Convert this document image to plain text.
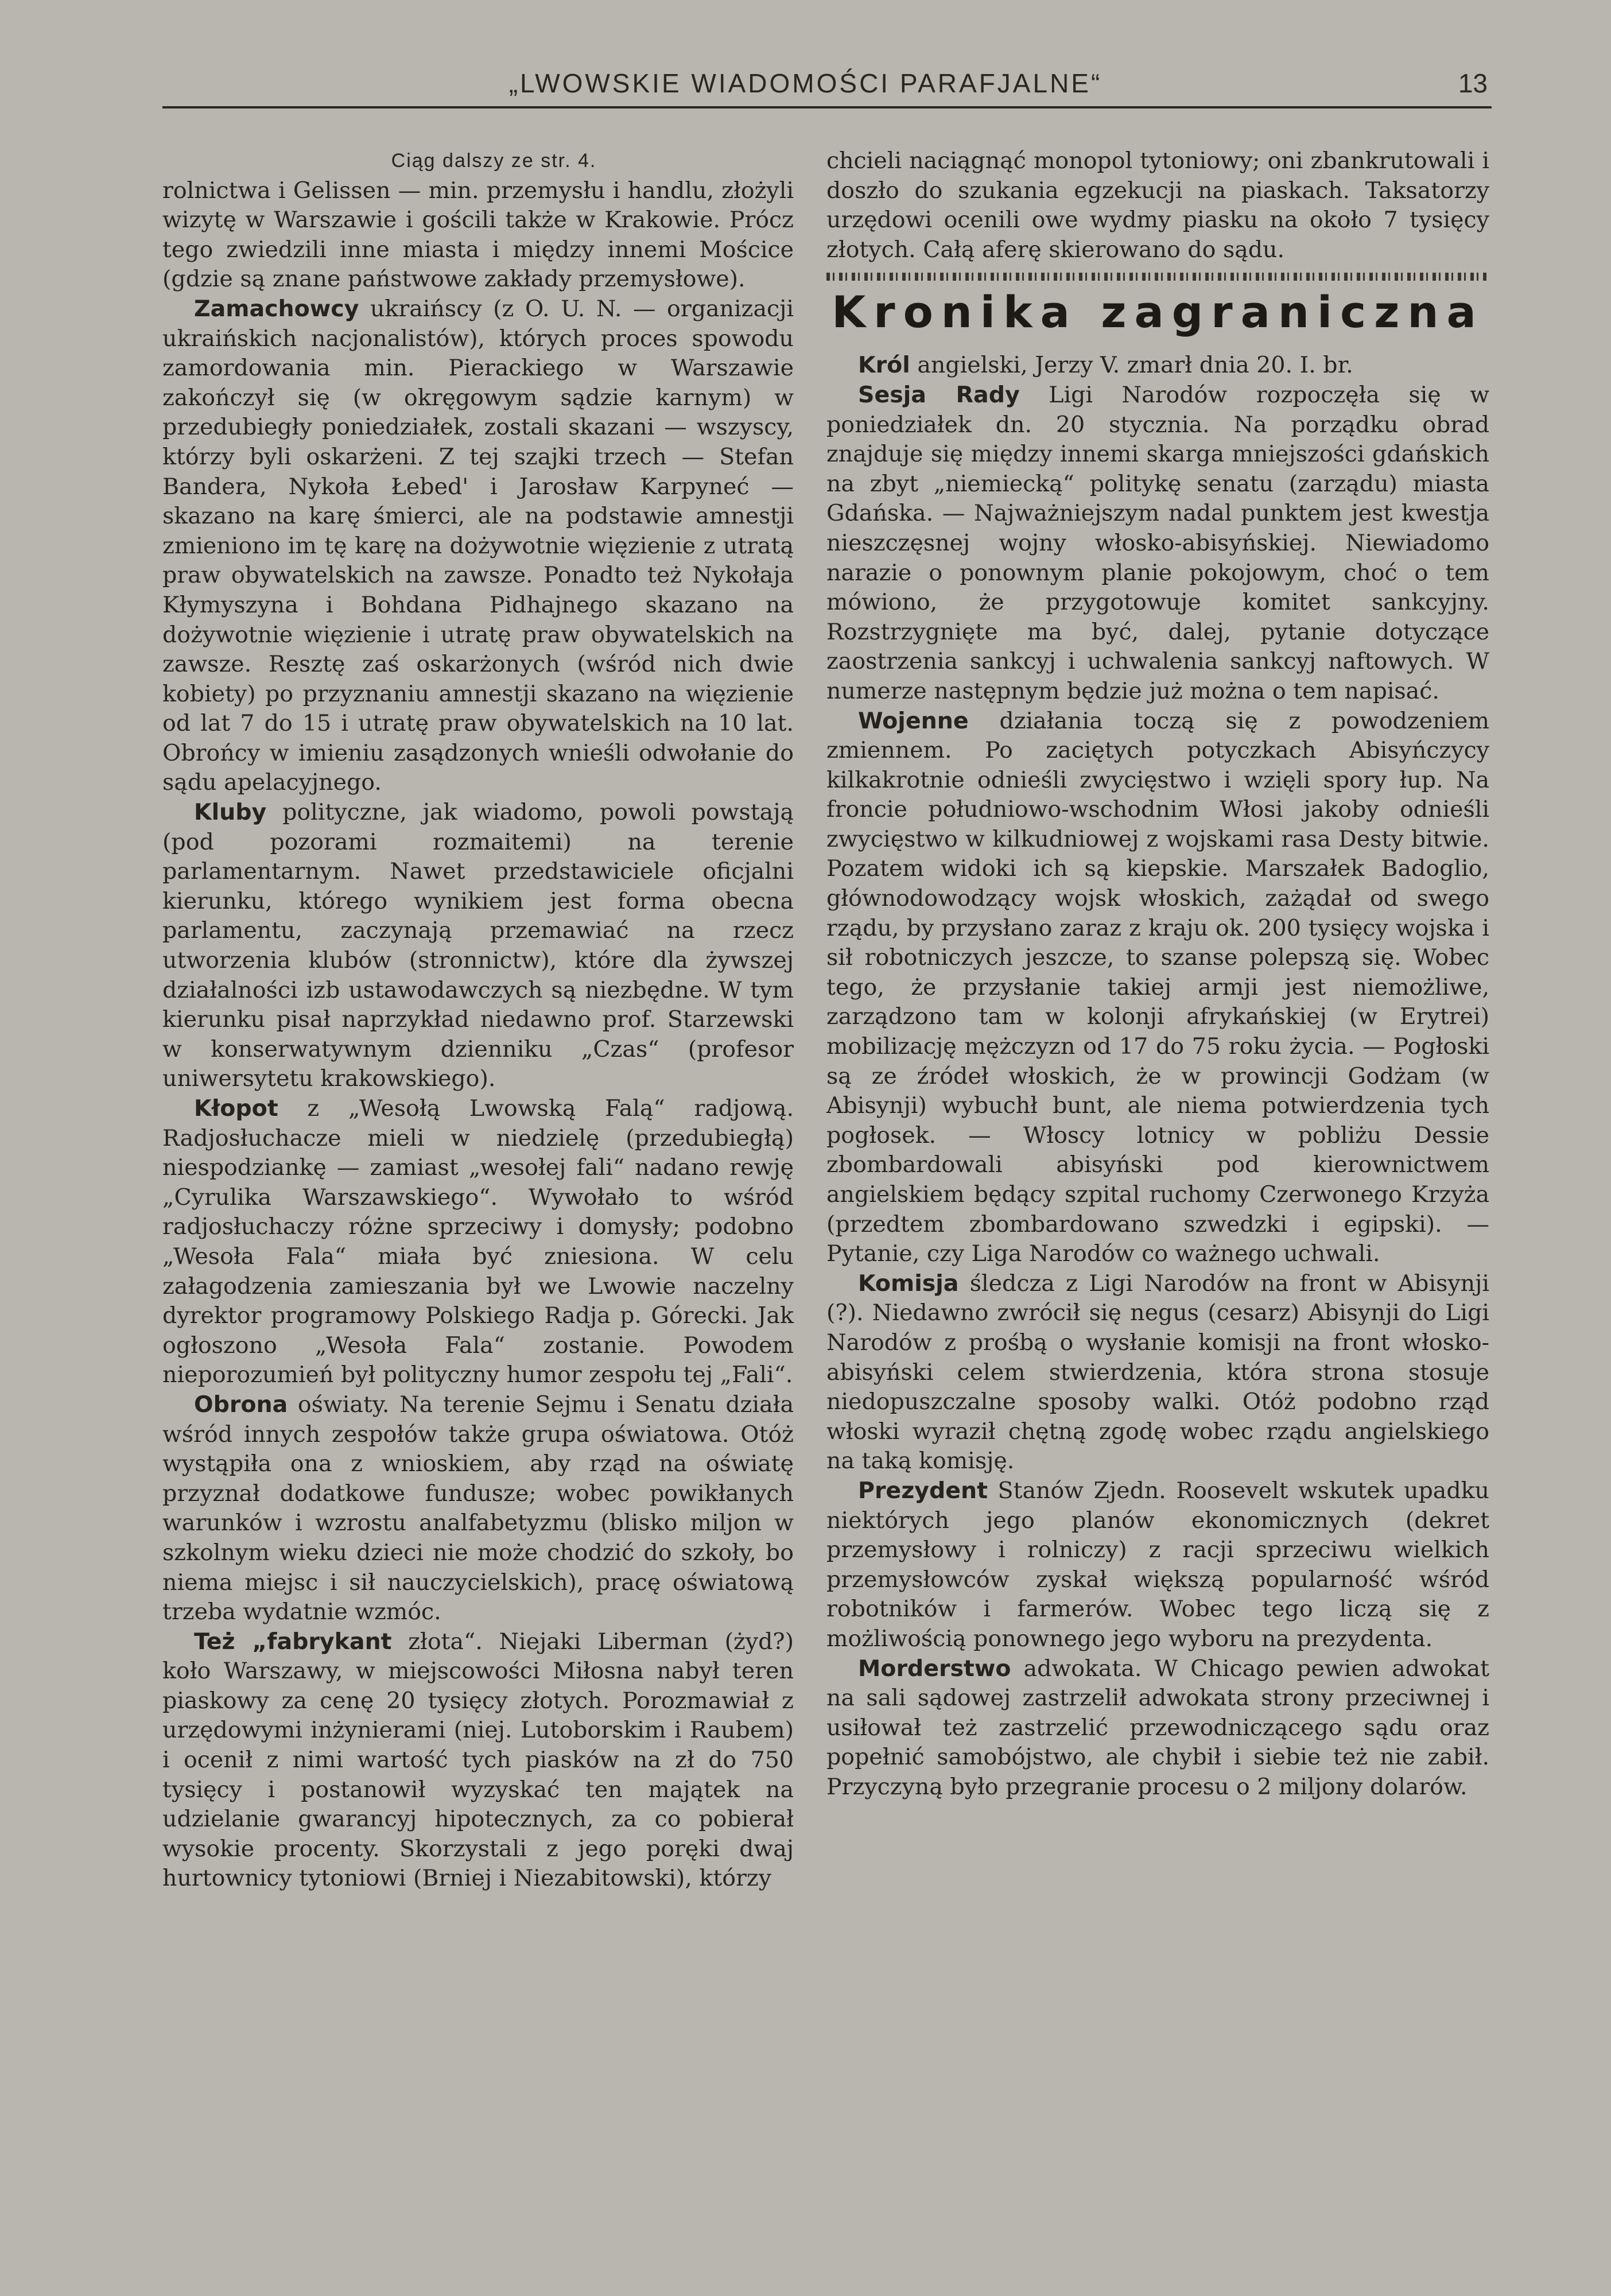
„LWOWSKIE WIADOMOŚCI PARAFJALNE“	13

Ciąg dalszy ze str. 4.

rolnictwa i Gelissen — min. przemysłu i handlu, złożyli wizytę w Warszawie i gościli także w Krakowie. Prócz tego zwiedzili inne miasta i między innemi Mościce (gdzie są znane państwowe zakłady przemysłowe).

Zamachowcy ukraińscy (z O. U. N. — organizacji ukraińskich nacjonalistów), których proces spowodu zamordowania min. Pierackiego w Warszawie zakończył się (w okręgowym sądzie karnym) w przedubiegły poniedziałek, zostali skazani — wszyscy, którzy byli oskarżeni. Z tej szajki trzech — Stefan Bandera, Nykoła Łebed' i Jarosław Karpyneć — skazano na karę śmierci, ale na podstawie amnestji zmieniono im tę karę na dożywotnie więzienie z utratą praw obywatelskich na zawsze. Ponadto też Nykołaja Kłymyszyna i Bohdana Pidhajnego skazano na dożywotnie więzienie i utratę praw obywatelskich na zawsze. Resztę zaś oskarżonych (wśród nich dwie kobiety) po przyznaniu amnestji skazano na więzienie od lat 7 do 15 i utratę praw obywatelskich na 10 lat. Obrońcy w imieniu zasądzonych wnieśli odwołanie do sądu apelacyjnego.

Kluby polityczne, jak wiadomo, powoli powstają (pod pozorami rozmaitemi) na terenie parlamentarnym. Nawet przedstawiciele oficjalni kierunku, którego wynikiem jest forma obecna parlamentu, zaczynają przemawiać na rzecz utworzenia klubów (stronnictw), które dla żywszej działalności izb ustawodawczych są niezbędne. W tym kierunku pisał naprzykład niedawno prof. Starzewski w konserwatywnym dzienniku „Czas“ (profesor uniwersytetu krakowskiego).

Kłopot z „Wesołą Lwowską Falą“ radjową. Radjosłuchacze mieli w niedzielę (przedubiegłą) niespodziankę — zamiast „wesołej fali“ nadano rewję „Cyrulika Warszawskiego“. Wywołało to wśród radjosłuchaczy różne sprzeciwy i domysły; podobno „Wesoła Fala“ miała być zniesiona. W celu załagodzenia zamieszania był we Lwowie naczelny dyrektor programowy Polskiego Radja p. Górecki. Jak ogłoszono „Wesoła Fala“ zostanie. Powodem nieporozumień był polityczny humor zespołu tej „Fali“.

Obrona oświaty. Na terenie Sejmu i Senatu działa wśród innych zespołów także grupa oświatowa. Otóż wystąpiła ona z wnioskiem, aby rząd na oświatę przyznał dodatkowe fundusze; wobec powikłanych warunków i wzrostu analfabetyzmu (blisko miljon w szkolnym wieku dzieci nie może chodzić do szkoły, bo niema miejsc i sił nauczycielskich), pracę oświatową trzeba wydatnie wzmóc.

Też „fabrykant złota“. Niejaki Liberman (żyd?) koło Warszawy, w miejscowości Miłosna nabył teren piaskowy za cenę 20 tysięcy złotych. Porozmawiał z urzędowymi inżynierami (niej. Lutoborskim i Raubem) i ocenił z nimi wartość tych piasków na zł do 750 tysięcy i postanowił wyzyskać ten majątek na udzielanie gwarancyj hipotecznych, za co pobierał wysokie procenty. Skorzystali z jego poręki dwaj hurtownicy tytoniowi (Brniej i Niezabitowski), którzy

chcieli naciągnąć monopol tytoniowy; oni zbankrutowali i doszło do szukania egzekucji na piaskach. Taksatorzy urzędowi ocenili owe wydmy piasku na około 7 tysięcy złotych. Całą aferę skierowano do sądu.

Kronika zagraniczna

Król angielski, Jerzy V. zmarł dnia 20. I. br.

Sesja Rady Ligi Narodów rozpoczęła się w poniedziałek dn. 20 stycznia. Na porządku obrad znajduje się między innemi skarga mniejszości gdańskich na zbyt „niemiecką“ politykę senatu (zarządu) miasta Gdańska. — Najważniejszym nadal punktem jest kwestja nieszczęsnej wojny włosko-abisyńskiej. Niewiadomo narazie o ponownym planie pokojowym, choć o tem mówiono, że przygotowuje komitet sankcyjny. Rozstrzygnięte ma być, dalej, pytanie dotyczące zaostrzenia sankcyj i uchwalenia sankcyj naftowych. W numerze następnym będzie już można o tem napisać.

Wojenne działania toczą się z powodzeniem zmiennem. Po zaciętych potyczkach Abisyńczycy kilkakrotnie odnieśli zwycięstwo i wzięli spory łup. Na froncie południowo-wschodnim Włosi jakoby odnieśli zwycięstwo w kilkudniowej z wojskami rasa Desty bitwie. Pozatem widoki ich są kiepskie. Marszałek Badoglio, głównodowodzący wojsk włoskich, zażądał od swego rządu, by przysłano zaraz z kraju ok. 200 tysięcy wojska i sił robotniczych jeszcze, to szanse polepszą się. Wobec tego, że przysłanie takiej armji jest niemożliwe, zarządzono tam w kolonji afrykańskiej (w Erytrei) mobilizację mężczyzn od 17 do 75 roku życia. — Pogłoski są ze źródeł włoskich, że w prowincji Godżam (w Abisynji) wybuchł bunt, ale niema potwierdzenia tych pogłosek. — Włoscy lotnicy w pobliżu Dessie zbombardowali abisyński pod kierownictwem angielskiem będący szpital ruchomy Czerwonego Krzyża (przedtem zbombardowano szwedzki i egipski). — Pytanie, czy Liga Narodów co ważnego uchwali.

Komisja śledcza z Ligi Narodów na front w Abisynji (?). Niedawno zwrócił się negus (cesarz) Abisynji do Ligi Narodów z prośbą o wysłanie komisji na front włosko-abisyński celem stwierdzenia, która strona stosuje niedopuszczalne sposoby walki. Otóż podobno rząd włoski wyraził chętną zgodę wobec rządu angielskiego na taką komisję.

Prezydent Stanów Zjedn. Roosevelt wskutek upadku niektórych jego planów ekonomicznych (dekret przemysłowy i rolniczy) z racji sprzeciwu wielkich przemysłowców zyskał większą popularność wśród robotników i farmerów. Wobec tego liczą się z możliwością ponownego jego wyboru na prezydenta.

Morderstwo adwokata. W Chicago pewien adwokat na sali sądowej zastrzelił adwokata strony przeciwnej i usiłował też zastrzelić przewodniczącego sądu oraz popełnić samobójstwo, ale chybił i siebie też nie zabił. Przyczyną było przegranie procesu o 2 miljony dolarów.
